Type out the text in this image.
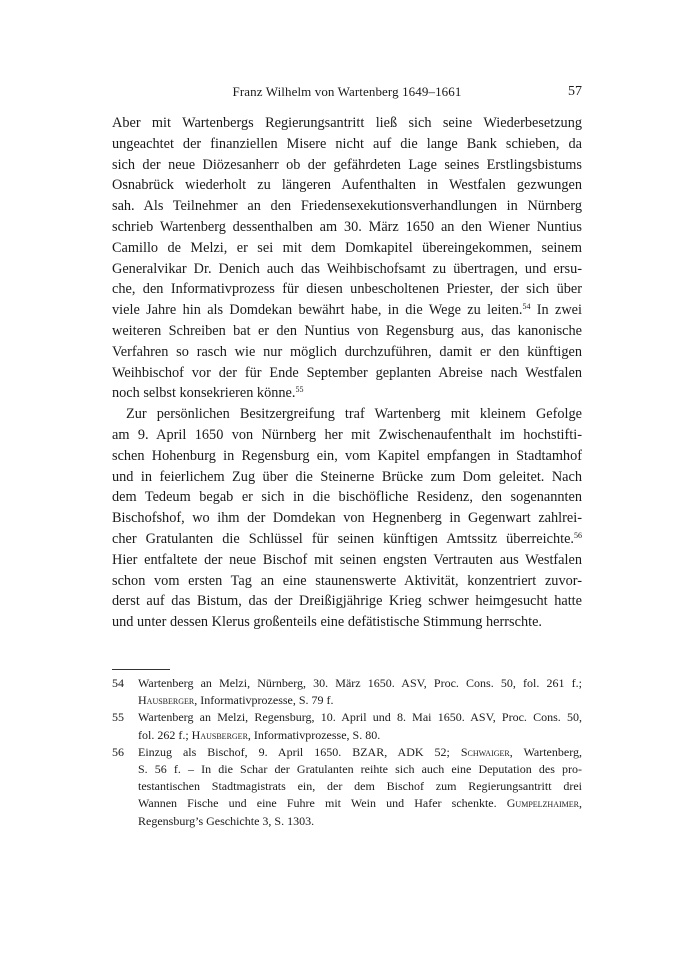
Franz Wilhelm von Wartenberg 1649–1661	57
Aber mit Wartenbergs Regierungsantritt ließ sich seine Wiederbesetzung
ungeachtet der finanziellen Misere nicht auf die lange Bank schieben, da
sich der neue Diözesanherr ob der gefährdeten Lage seines Erstlingsbistums
Osnabrück wiederholt zu längeren Aufenthalten in Westfalen gezwungen
sah. Als Teilnehmer an den Friedensexekutionsverhandlungen in Nürnberg
schrieb Wartenberg dessenthalben am 30. März 1650 an den Wiener Nuntius
Camillo de Melzi, er sei mit dem Domkapitel übereingekommen, seinem
Generalvikar Dr. Denich auch das Weihbischofsamt zu übertragen, und ersu-
che, den Informativprozess für diesen unbescholtenen Priester, der sich über
viele Jahre hin als Domdekan bewährt habe, in die Wege zu leiten.$^{54}$ In zwei
weiteren Schreiben bat er den Nuntius von Regensburg aus, das kanonische
Verfahren so rasch wie nur möglich durchzuführen, damit er den künftigen
Weihbischof vor der für Ende September geplanten Abreise nach Westfalen
noch selbst konsekrieren könne.$^{55}$
Zur persönlichen Besitzergreifung traf Wartenberg mit kleinem Gefolge
am 9. April 1650 von Nürnberg her mit Zwischenaufenthalt im hochstifti-
schen Hohenburg in Regensburg ein, vom Kapitel empfangen in Stadtamhof
und in feierlichem Zug über die Steinerne Brücke zum Dom geleitet. Nach
dem Tedeum begab er sich in die bischöfliche Residenz, den sogenannten
Bischofshof, wo ihm der Domdekan von Hegnenberg in Gegenwart zahlrei-
cher Gratulanten die Schlüssel für seinen künftigen Amtssitz überreichte.$^{56}$
Hier entfaltete der neue Bischof mit seinen engsten Vertrauten aus Westfalen
schon vom ersten Tag an eine staunenswerte Aktivität, konzentriert zuvor-
derst auf das Bistum, das der Dreißigjährige Krieg schwer heimgesucht hatte
und unter dessen Klerus großenteils eine defätistische Stimmung herrschte.
54 Wartenberg an Melzi, Nürnberg, 30. März 1650. ASV, Proc. Cons. 50, fol. 261 f.;
Hausberger, Informativprozesse, S. 79 f.
55 Wartenberg an Melzi, Regensburg, 10. April und 8. Mai 1650. ASV, Proc. Cons. 50,
fol. 262 f.; Hausberger, Informativprozesse, S. 80.
56 Einzug als Bischof, 9. April 1650. BZAR, ADK 52; Schwaiger, Wartenberg,
S. 56 f. – In die Schar der Gratulanten reihte sich auch eine Deputation des pro-
testantischen Stadtmagistrats ein, der dem Bischof zum Regierungsantritt drei
Wannen Fische und eine Fuhre mit Wein und Hafer schenkte. Gumpelzhaimer,
Regensburg’s Geschichte 3, S. 1303.
